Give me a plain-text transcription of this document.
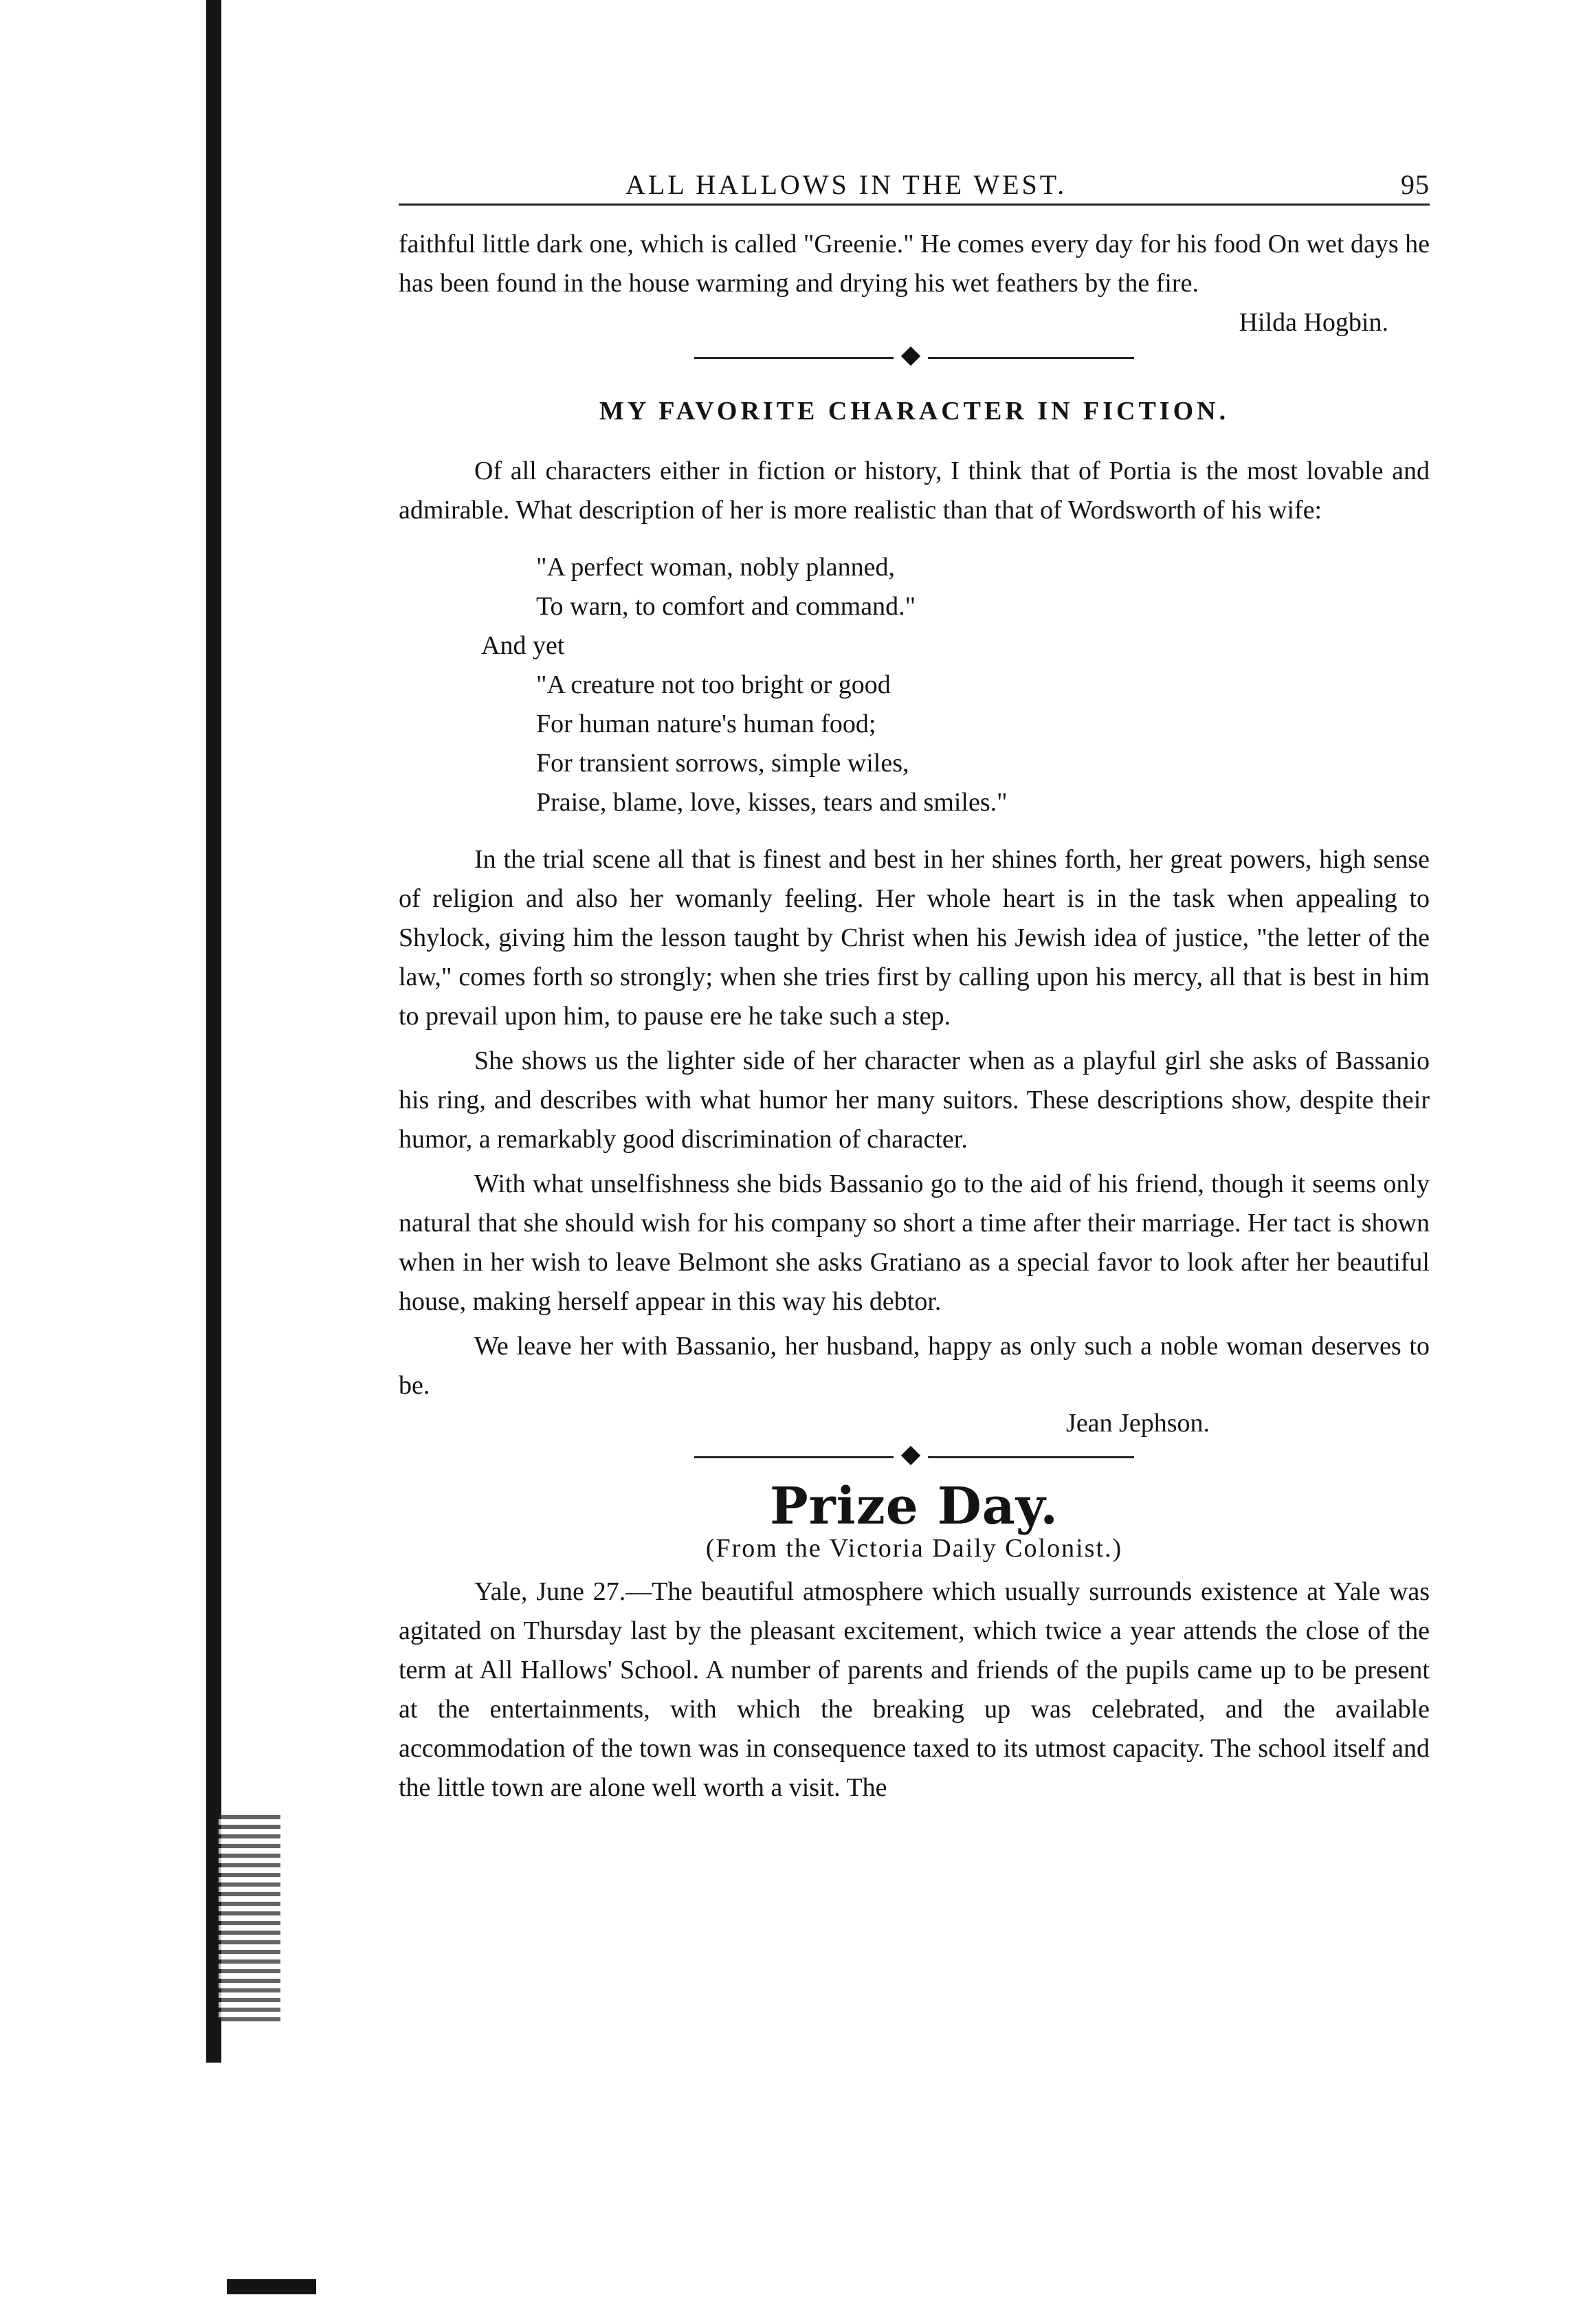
ALL HALLOWS IN THE WEST.	95

faithful little dark one, which is called "Greenie." He comes every day for his food On wet days he has been found in the house warming and drying his wet feathers by the fire.

Hilda Hogbin.
MY FAVORITE CHARACTER IN FICTION.

Of all characters either in fiction or history, I think that of Portia is the most lovable and admirable. What description of her is more realistic than that of Wordsworth of his wife:

"A perfect woman, nobly planned,
To warn, to comfort and command."
And yet
"A creature not too bright or good
For human nature's human food;
For transient sorrows, simple wiles,
Praise, blame, love, kisses, tears and smiles."

In the trial scene all that is finest and best in her shines forth, her great powers, high sense of religion and also her womanly feeling. Her whole heart is in the task when appealing to Shylock, giving him the lesson taught by Christ when his Jewish idea of justice, "the letter of the law," comes forth so strongly; when she tries first by calling upon his mercy, all that is best in him to prevail upon him, to pause ere he take such a step.

She shows us the lighter side of her character when as a playful girl she asks of Bassanio his ring, and describes with what humor her many suitors. These descriptions show, despite their humor, a remarkably good discrimination of character.

With what unselfishness she bids Bassanio go to the aid of his friend, though it seems only natural that she should wish for his company so short a time after their marriage. Her tact is shown when in her wish to leave Belmont she asks Gratiano as a special favor to look after her beautiful house, making herself appear in this way his debtor.

We leave her with Bassanio, her husband, happy as only such a noble woman deserves to be.

Jean Jephson.
Prize Day.
(From the Victoria Daily Colonist.)

Yale, June 27.—The beautiful atmosphere which usually surrounds existence at Yale was agitated on Thursday last by the pleasant excitement, which twice a year attends the close of the term at All Hallows' School. A number of parents and friends of the pupils came up to be present at the entertainments, with which the breaking up was celebrated, and the available accommodation of the town was in consequence taxed to its utmost capacity. The school itself and the little town are alone well worth a visit. The
